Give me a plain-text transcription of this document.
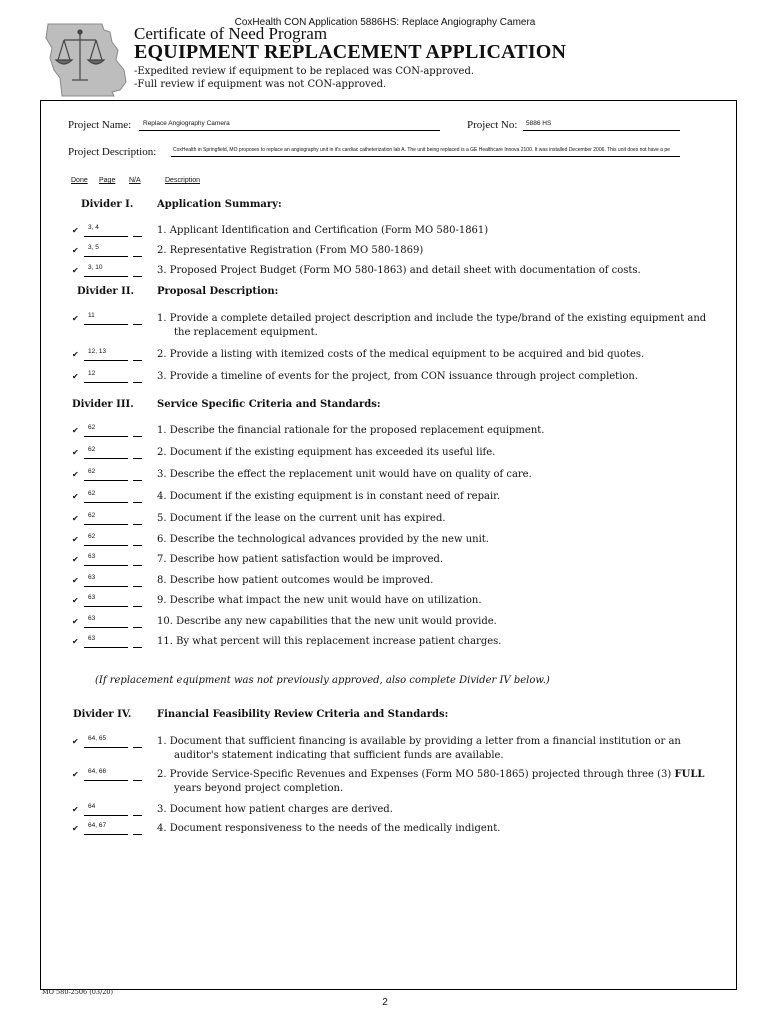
CoxHealth CON Application 5886HS: Replace Angiography Camera
Certificate of Need Program
EQUIPMENT REPLACEMENT APPLICATION
-Expedited review if equipment to be replaced was CON-approved.
-Full review if equipment was not CON-approved.
Project Name: Replace Angiography Camera	Project No: 5886 HS
Project Description:	CoxHealth in Springfield, MO proposes to replace an angiography unit in it's cardiac catheterization lab A. The unit being replaced is a GE Healthcare Innova 2100. It was installed December 2006. This unit does not have a pe
Done Page N/A	Description
Divider I. Application Summary:
✔ 3, 4	1. Applicant Identification and Certification (Form MO 580-1861)
✔ 3, 5	2. Representative Registration (From MO 580-1869)
✔ 3, 10	3. Proposed Project Budget (Form MO 580-1863) and detail sheet with documentation of costs.
Divider II. Proposal Description:
✔ 11	1. Provide a complete detailed project description and include the type/brand of the existing equipment and
the replacement equipment.
✔ 12, 13	2. Provide a listing with itemized costs of the medical equipment to be acquired and bid quotes.
✔ 12	3. Provide a timeline of events for the project, from CON issuance through project completion.
Divider III. Service Specific Criteria and Standards:
✔ 62	1. Describe the financial rationale for the proposed replacement equipment.
✔ 62	2. Document if the existing equipment has exceeded its useful life.
✔ 62	3. Describe the effect the replacement unit would have on quality of care.
✔ 62	4. Document if the existing equipment is in constant need of repair.
✔ 62	5. Document if the lease on the current unit has expired.
✔ 62	6. Describe the technological advances provided by the new unit.
✔ 63	7. Describe how patient satisfaction would be improved.
✔ 63	8. Describe how patient outcomes would be improved.
✔ 63	9. Describe what impact the new unit would have on utilization.
✔ 63	10. Describe any new capabilities that the new unit would provide.
✔ 63	11. By what percent will this replacement increase patient charges.
Divider IV.	Financial Feasibility Review Criteria and Standards:
✔ 64, 65	1. Document that sufficient financing is available by providing a letter from a financial institution or an
auditor's statement indicating that sufficient funds are available.
✔ 64, 66	2. Provide Service-Specific Revenues and Expenses (Form MO 580-1865) projected through three (3) FULL
years beyond project completion.
✔ 64	3. Document how patient charges are derived.
✔ 64, 67	4. Document responsiveness to the needs of the medically indigent.
(If replacement equipment was not previously approved, also complete Divider IV below.)
MO 580-2506 (03/20)
2
